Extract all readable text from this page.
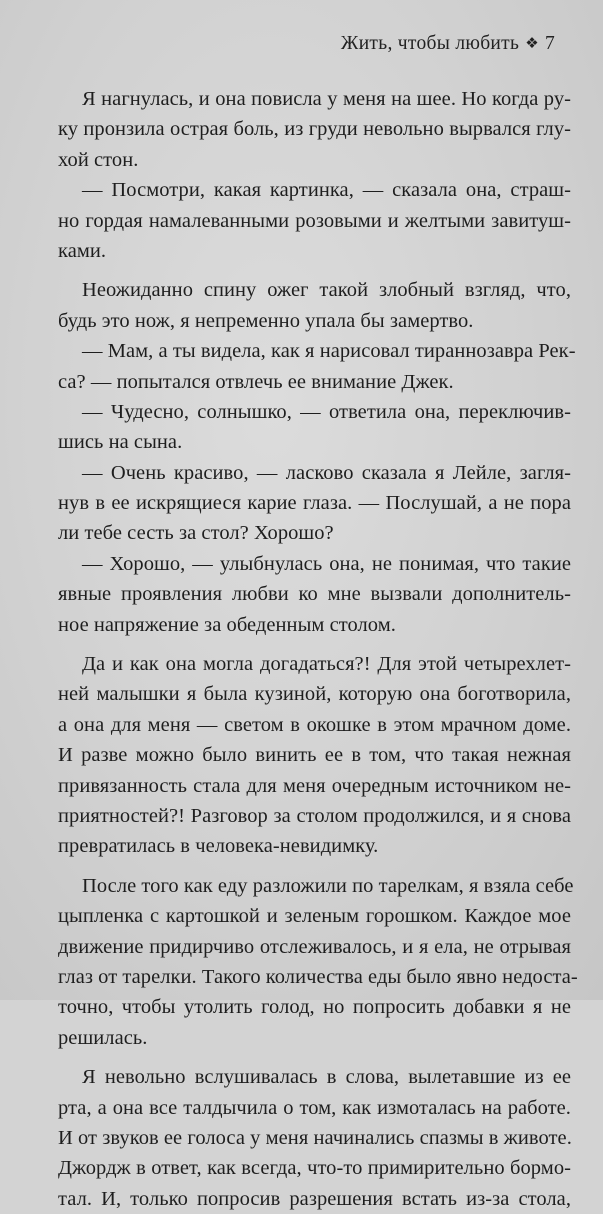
Жить, чтобы любить ❖ 7
Я нагнулась, и она повисла у меня на шее. Но когда ру-
ку пронзила острая боль, из груди невольно вырвался глу-
хой стон.
— Посмотри, какая картинка, — сказала она, страш-
но гордая намалеванными розовыми и желтыми завитуш-
ками.
Неожиданно спину ожег такой злобный взгляд, что,
будь это нож, я непременно упала бы замертво.
— Мам, а ты видела, как я нарисовал тираннозавра Рек-
са? — попытался отвлечь ее внимание Джек.
— Чудесно, солнышко, — ответила она, переключив-
шись на сына.
— Очень красиво, — ласково сказала я Лейле, загля-
нув в ее искрящиеся карие глаза. — Послушай, а не пора
ли тебе сесть за стол? Хорошо?
— Хорошо, — улыбнулась она, не понимая, что такие
явные проявления любви ко мне вызвали дополнитель-
ное напряжение за обеденным столом.
Да и как она могла догадаться?! Для этой четырехлет-
ней малышки я была кузиной, которую она боготворила,
а она для меня — светом в окошке в этом мрачном доме.
И разве можно было винить ее в том, что такая нежная
привязанность стала для меня очередным источником не-
приятностей?! Разговор за столом продолжился, и я снова
превратилась в человека-невидимку.
После того как еду разложили по тарелкам, я взяла себе
цыпленка с картошкой и зеленым горошком. Каждое мое
движение придирчиво отслеживалось, и я ела, не отрывая
глаз от тарелки. Такого количества еды было явно недоста-
точно, чтобы утолить голод, но попросить добавки я не
решилась.
Я невольно вслушивалась в слова, вылетавшие из ее
рта, а она все талдычила о том, как измоталась на работе.
И от звуков ее голоса у меня начинались спазмы в животе.
Джордж в ответ, как всегда, что-то примирительно бормо-
тал. И, только попросив разрешения встать из-за стола,
